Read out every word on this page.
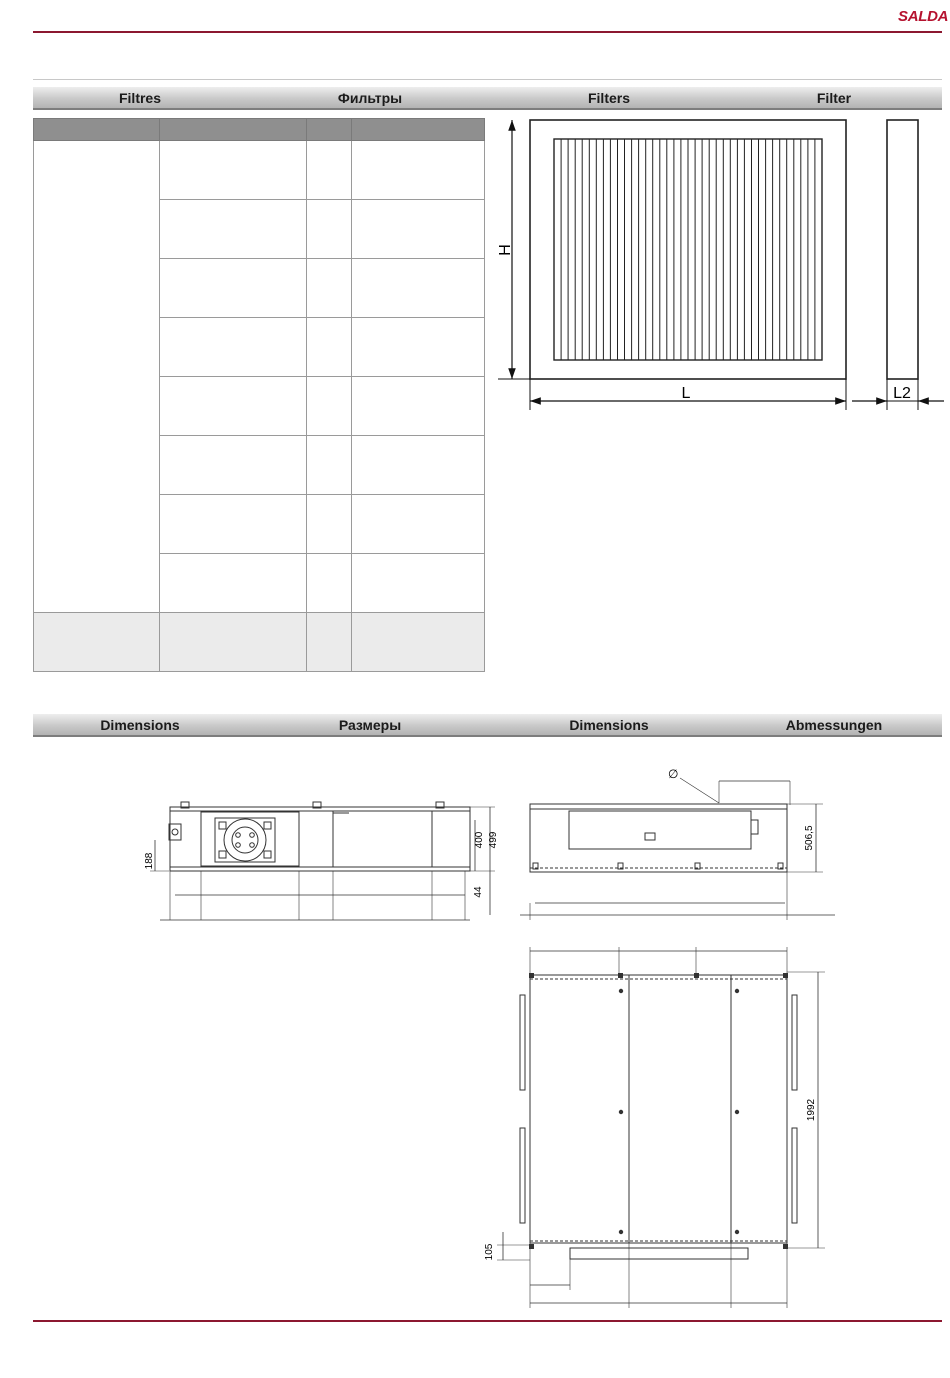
SALDA
Filtres	Фильтры	Filters	Filter

H
L	L2
Dimensions	Размеры	Dimensions	Abmessungen
188
400 499
44
∅
506,5
1992
105
